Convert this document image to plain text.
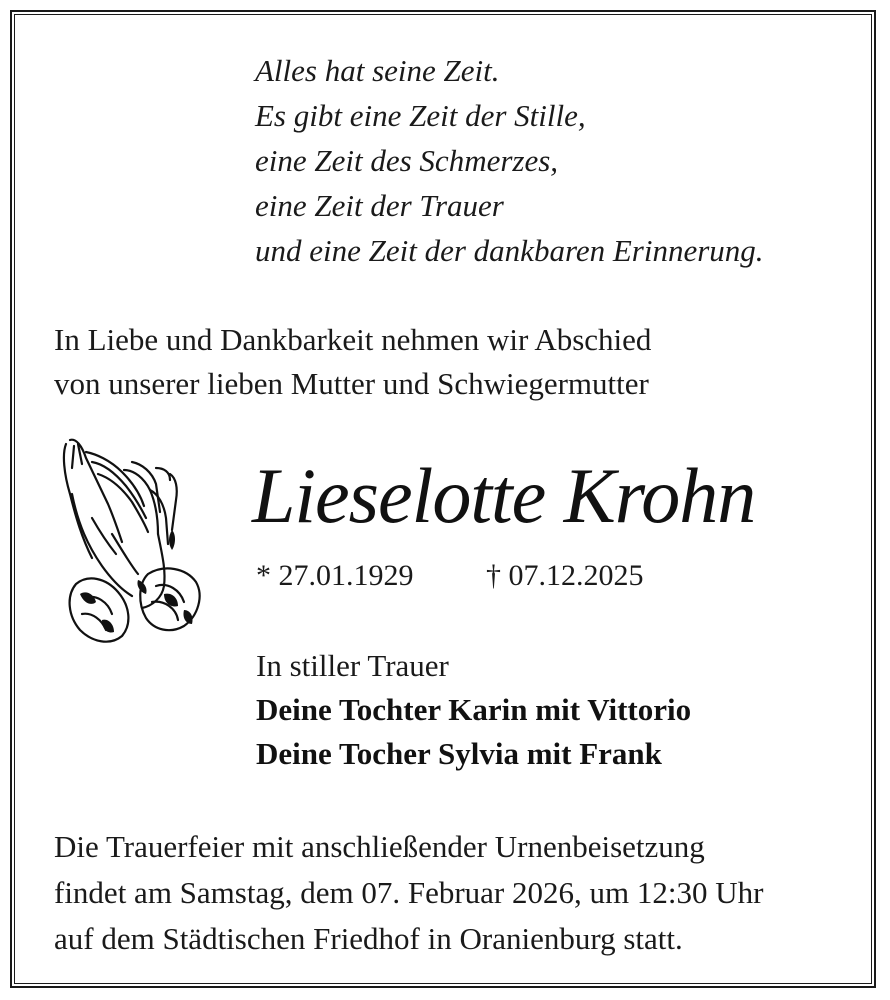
Alles hat seine Zeit.
Es gibt eine Zeit der Stille,
eine Zeit des Schmerzes,
eine Zeit der Trauer
und eine Zeit der dankbaren Erinnerung.
In Liebe und Dankbarkeit nehmen wir Abschied
von unserer lieben Mutter und Schwiegermutter
Lieselotte Krohn
* 27.01.1929 † 07.12.2025
In stiller Trauer
Deine Tochter Karin mit Vittorio
Deine Tocher Sylvia mit Frank
Die Trauerfeier mit anschließender Urnenbeisetzung
findet am Samstag, dem 07. Februar 2026, um 12:30 Uhr
auf dem Städtischen Friedhof in Oranienburg statt.
